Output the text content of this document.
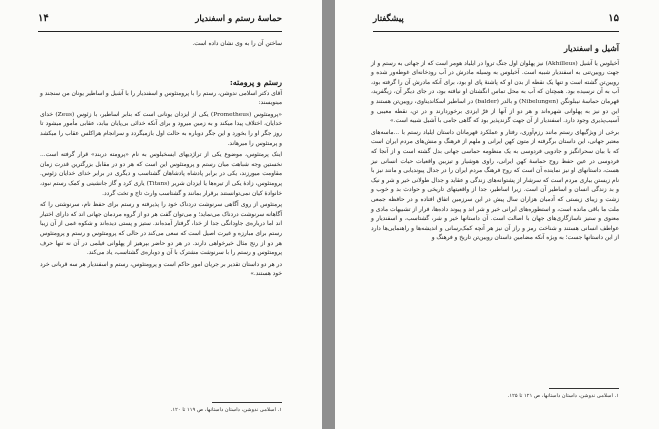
۱۴	حماسهٔ رستم و اسفندیار

ساختن آن را به وی نشان داده است.

رستم و پرومته:

آقای دکتر اسلامی ندوشن، رستم را با پرومتئوس و اسفندیار را با آشیل و اساطیر یونان من سنجند و مینویسند:

«پرومتئوس (Prometheus) یکی از ایزدان یونانی است که بنابر اساطیر، با زئوس (Zeus) خدای خدایان، اختلاف پیدا میکند و به زمین میرود و برای آنکه خدائی بی‌پایان بیابد، عقابی مأمور میشود تا روز جگر او را بخورد و این جگر دوباره به حالت اول بازمیگردد و سرانجام هراکلس عقاب را میکشد و پرمتئوس را میرهاند.

اینک پرمتئوس، موضوع یکی از تراژدیهای ایسخیلوس به نام «پرومته دربند» قرار گرفته است... نخستین وجه شباهت میان رستم و پرومتئوس این است که هر دو در مقابل بزرگترین قدرت زمان مقاومت میورزند، یکی در برابر پادشاه پادشاهان گشتاسب و دیگری در برابر خدای خدایان زئوس. پرومتئوس، زادهٔ یکی از تیره‌ها یا ایزدان شریر (Titans) یاری کرد و گاز جانشینی و کمک رستم نبود، خانوادهٔ کیان نمی‌توانستند برقرار بمانند و گشتاسب وارث تاج و تخت گردد.

پرمتئوس از روی آگاهی سرنوشت دردناک خود را پذیرفته و رستم برای حفظ نام، سرنوشتی را که آگاهانه سرنوشت دردناک می‌نماید؛ و می‌توان گفت هر دو از گروه مردمان جهانی اند که دارای اختیار اند اما درباره‌ی جاودانگی جدا از خدا، گرفتار آمده‌اند. ستیز و پستی دیده‌اند و شکوه غمی از آن زیبا رستم برای مبارزه و غیرت اصیل است که سعی می‌کند در حالی که پرومتئوس و رستم و پرومتئوس هر دو از رنج مثال خیرخواهی دارند. در هر دو حاضر بپرهیز از پهلوانی فیلمی در آن نه تنها حرف پرومتئوس و رستم را با سرنوشت مشترک با آن و دوباره‌ی گشتاسب، یاد می‌کند.

در هر دو داستان تقدیر بر جریان امور حاکم است و پرومتئوس، رستم و اسفندیار هر سه قربانی خرد خود هستند.»

۱. اسلامی ندوشن، داستان داستانها، ص ۱۱۹ تا ۱۲۰.
۱۵
پیشگفتار

آشیل و اسفندیار

آخیلوس یا آشیل (Akhilleus) نیز پهلوان اول جنگ تروا در ایلیاد هومر است که از جهاتی به رستم و از جهت رویین‌تنی به اسفندیار شبیه است. آخیلوس به وسیله مادرش در آب رودخانه‌ای غوطه‌ور شده و رویین‌تن گشته است و تنها یک نقطه از بدن او که پاشنهٔ پای او بود، برای آنکه مادرش آن را گرفته بود، آب به آن نرسیده بود. همچنان که آب به محل تماس انگشتان او نیافته بود، در جای دیگر آن، زیگفرید، قهرمان حماسهٔ نیبلونگن (Nibelungen) و بالدر (balder) در اساطیر اسکاندیناوی، رویین‌تن هستند و این دو نیز به پهلوانی شهره‌اند و هر دو از آنها از فرّ ایزدی برخوردارند و در تن، نقطه معیبی و آسیب‌پذیری وجود دارد. اسفندیار از آن جهت گزندپذیر بود که گاهی جامی با آشیل شبیه است.»

برخی از ویژگیهای رستم مانند رزم‌آوری، رفتار و عملکرد قهرمانان داستان ایلیاد رستم با ...ماسه‌های معتبر جهانی، این داستان برگرفته از متون کهن ایرانی و ملهم از فرهنگ و منش‌های مردم ایران است که با بیان سحرانگیز و جادویی فردوسی به یک منظومه حماسی جهانی بدل گشته است و از آنجا که فردوسی در عین حفظ روح حماسهٔ کهن ایرانی، راوی هوشیار و تیزبین واقعیات حیات انسانی نیز هست، داستانهای او نیز نماینده آن است که روح فرهنگ مردم ایران را در جدال پیوندیابی و مانند نیز با نام زیستن بیاری مردم است که سرشار از پشتوانه‌های زندگی و عقاید و جدال طولانی خیر و شر و نیک و بد زندگی انسان و اساطیر آن است. زیرا اساطیر، جدا از واقعیتهای تاریخی و حوادث بد و خوب و زشت و زیبای زیستی که آدمیان هزاران سال پیش در این سرزمین اتفاق افتاده و در حافظه جمعی ملت ما باقی مانده است، و استطوره‌های ایرانی خیر و شر اند و پیوند داده‌ها، فرار از تشبیهات مادی و معنوی و ستیز ناسازگاری‌های جهان با اصالت است. آن داستانها خیر و شر، گشتاسب، و اسفندیار و عواطف انسانی هستند و شناخت رمز و راز آن نیز هر آنچه کمک‌رسانی و اندیشه‌ها و راهنمایی‌ها دارد از این داستانها جست؛ به ویژه آنکه مضامین داستان رویین‌تن تاریخ و فرهنگ و

۱. اسلامی ندوشن، داستان داستانها، ص ۱۲۱ تا ۱۲۵.
